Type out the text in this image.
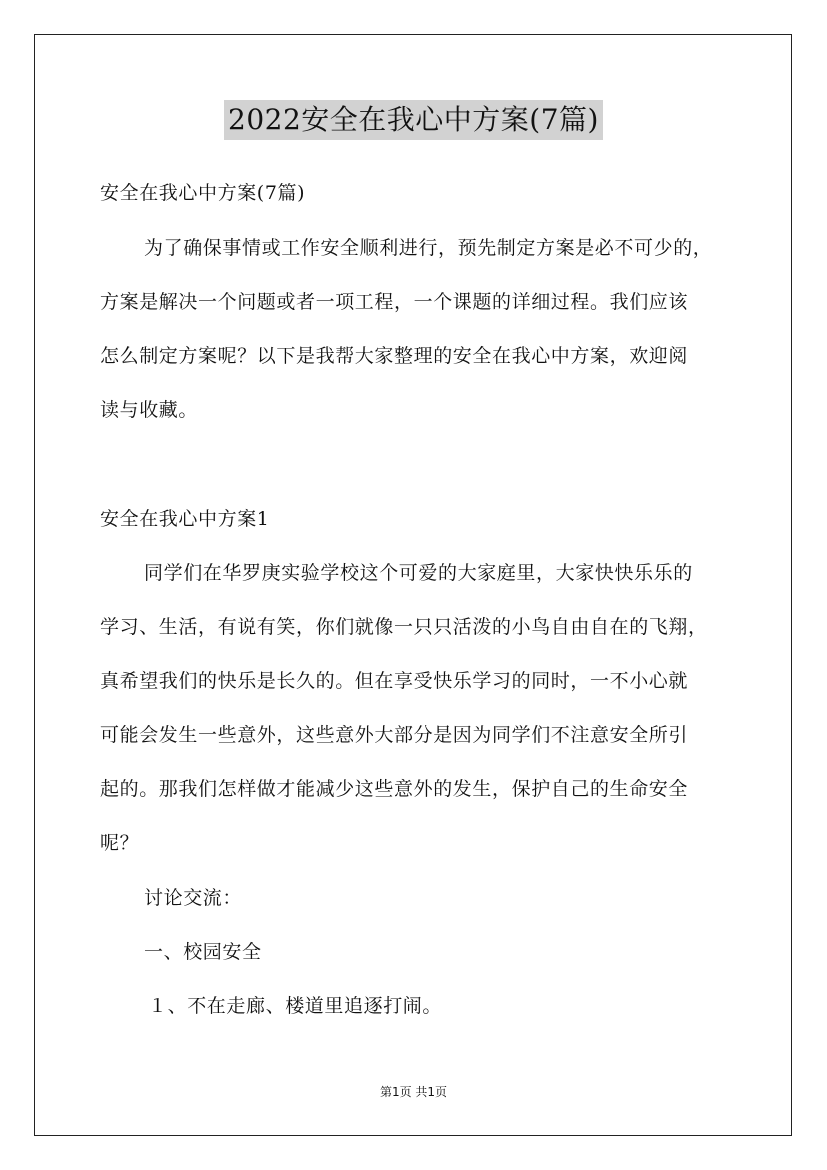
2022安全在我心中方案(7篇)
安全在我心中方案(7篇)
为了确保事情或工作安全顺利进行，预先制定方案是必不可少的，
方案是解决一个问题或者一项工程，一个课题的详细过程。我们应该
怎么制定方案呢？以下是我帮大家整理的安全在我心中方案，欢迎阅
读与收藏。
安全在我心中方案1
同学们在华罗庚实验学校这个可爱的大家庭里，大家快快乐乐的
学习、生活，有说有笑，你们就像一只只活泼的小鸟自由自在的飞翔，
真希望我们的快乐是长久的。但在享受快乐学习的同时，一不小心就
可能会发生一些意外，这些意外大部分是因为同学们不注意安全所引
起的。那我们怎样做才能减少这些意外的发生，保护自己的生命安全
呢？
讨论交流：
一、校园安全
１、不在走廊、楼道里追逐打闹。
第1页 共1页
